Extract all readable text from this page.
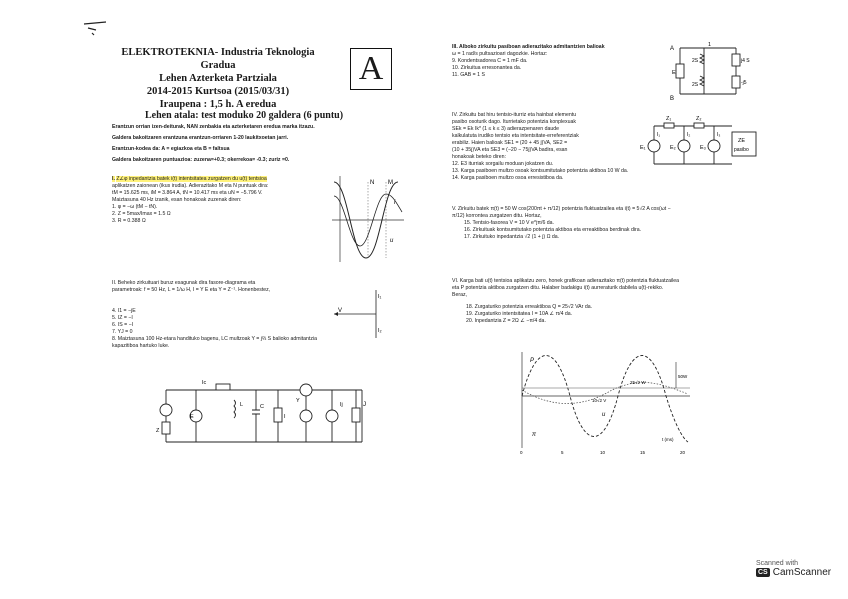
ELEKTROTEKNIA- Industria Teknologia Gradua
Lehen Azterketa Partziala
2014-2015 Kurtsoa (2015/03/31)
Iraupena : 1,5 h. A eredua
A
Lehen atala: test moduko 20 galdera (6 puntu)
Erantzun orrian izen-deiturak, NAN zenbakia eta azterketaren eredua marka itzazu.
Galdera bakoitzaren erantzuna erantzun-orriaren 1-20 laukitxoetan jarri.
Erantzun-kodea da: A = egiazkoa eta B = faltsua
Galdera bakoitzaren puntuazioa: zuzena=+0.3; okerrekoa= -0.3; zuriz =0.
I. Z∠φ inpedantzia batek i(t) intentsitatea zurgatzen du u(t) tentsioa
aplikatzen zaionean (ikus irudia). Adierazitako M eta N puntuak dira:
tM = 15.625 ms, iM = 3.864 A, tN = 10.417 ms eta uN = −5.796 V.
Maiztasuna 40 Hz izanik, esan honakoak zuzenak diren:
1. φ = −ω (tM − tN).
2. Z = 5max/Imax = 1.5 Ω
3. R = 0.388 Ω
M
N
i
u
II. Beheko zirkuituari buruz esagunak dira fasore-diagrama eta
parametroak: f = 50 Hz, L = 1/ω H, I = Y E eta Y = Z⁻¹. Honenbestez,
4. I1 = −jE
5. IZ = −I
6. IS = −I
7. YJ = 0
8. Maiztasuna 100 Hz-etara handituko bagenu, LC multzoak Y = j⅔ S balioko admitantzia
kapazitiboa hartuko luke.
V
I₁
I₂
Z
Ic
L	C
E	I
Y
Ij	J
III. Alboko zirkuitu pasiboan adierazitako admitantzien balioak
ω = 1 rad/s pultsazioari dagozkie. Hortaz:
9. Kondentsadorea C = 1 mF da.
10. Zirkuitua erresonantea da.
11. GAB = 1 S
A
B
E
1
2S
2S
j4 S
-j5
IV. Zirkuitu bat hiru tentsio-iturriz eta hainbat elementu
pasibo osoturik dago. Iturrietako potentzia konplexuak
SEk = Ek Ik* (1 ≤ k ≤ 3) adierazpenaren daude
kalkulatuta irudiko tentsio eta intentsitate-erreferentziak
erabiliz. Haien balioak SE1 = (20 + 45 j)VA, SE2 =
(10 + 35j)VA eta SE3 = (−20 − 75j)VA badira, esan
honakoak beteko diren:
12. E3 iturriak sorgailu moduan jokatzen du.
13. Karga pasiboen multzo osoak kontsumitutako potentzia aktiboa 10 W da.
14. Karga pasiboen multzo osoa erresistiboa da.
Z₁	Z₂
I₁	I₂	I₃
E₁	E₂	E₃
ZE
pasibo
V. Zirkuitu batek π(t) = 50 W cos(200πt + π/12) potentzia fluktuatzailea eta i(t) = 5√2 A cos(ωt −
π/12) korrontea zurgatzen ditu. Hortaz,
15. Tentsio-fasorea V = 10 V e^jπ/6 da.
16. Zirkuituak kontsumitutako potentzia aktiboa eta erreaktiboa berdinak dira.
17. Zirkuituko inpedantzia √2 (1 + j) Ω da.
VI. Karga bati u(t) tentsioa aplikatzu zero, honek grafikoan adierazitako π(t) potentzia fluktuatzailea
eta P potentzia aktiboa zurgatzen ditu. Halaber badakigu i(t) aurreraturik dabilela u(t)-rekiko.
Beraz,
18. Zurgaturiko potentzia erreaktiboa Q = 25√2 VAr da.
19. Zurgaturiko intentsitatea I = 10A ∠ π/4 da.
20. Inpedantzia Z = 2Ω ∠ −π/4 da.
P
π
u
50W
25√2 W
10√2 V
t (ms)
0	5	10	15	20
Scanned with
CS CamScanner
